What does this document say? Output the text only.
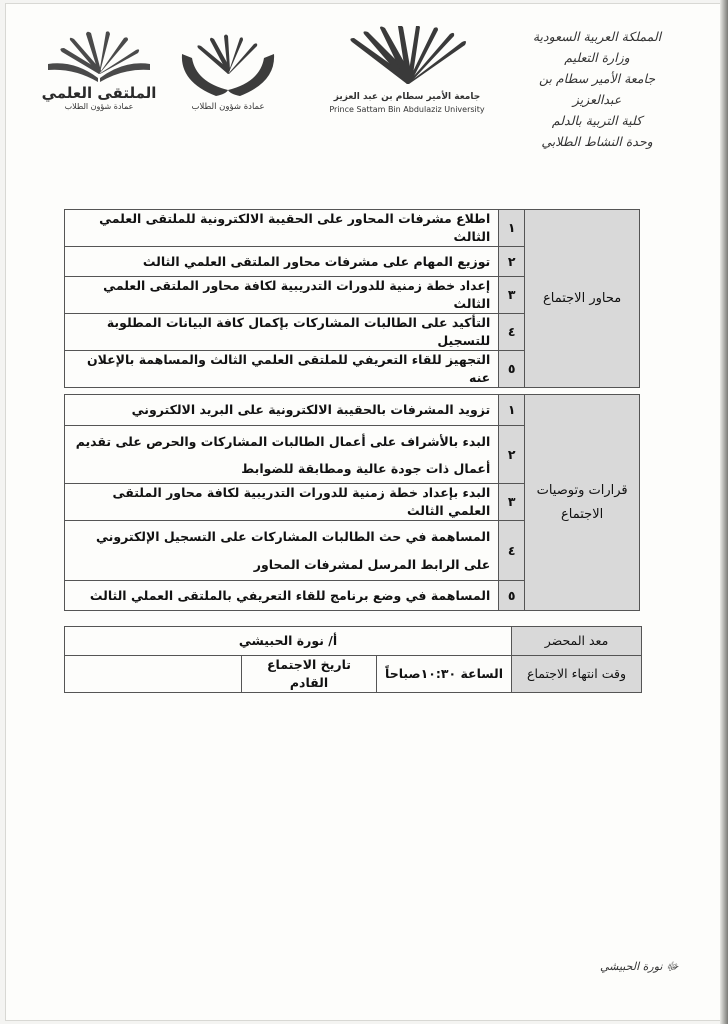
المملكة العربية السعودية
وزارة التعليم
جامعة الأمير سطام بن عبدالعزيز
كلية التربية بالدلم
وحدة النشاط الطلابي
جامعة الأمير سطام بن عبد العزيز
Prince Sattam Bin Abdulaziz University
عمادة شؤون الطلاب
الملتقى العلمي
عمادة شؤون الطلاب
محاور الاجتماع	١	اطلاع مشرفات المحاور على الحقيبة الالكترونية للملتقى العلمي الثالث
	٢	توزيع المهام على مشرفات محاور الملتقى العلمي الثالث
	٣	إعداد خطة زمنية للدورات التدريبية لكافة محاور الملتقى العلمي الثالث
	٤	التأكيد على الطالبات المشاركات بإكمال كافة البيانات المطلوبة للتسجيل
	٥	التجهيز للقاء التعريفي للملتقى العلمي الثالث والمساهمة بالإعلان عنه
قرارات وتوصيات الاجتماع	١	تزويد المشرفات بالحقيبة الالكترونية على البريد الالكتروني
	٢	البدء بالأشراف على أعمال الطالبات المشاركات والحرص على تقديم أعمال ذات جودة عالية ومطابقة للضوابط
	٣	البدء بإعداد خطة زمنية للدورات التدريبية لكافة محاور الملتقى العلمي الثالث
	٤	المساهمة في حث الطالبات المشاركات على التسجيل الإلكتروني على الرابط المرسل لمشرفات المحاور
	٥	المساهمة في وضع برنامج للقاء التعريفي بالملتقى العملي الثالث
معد المحضر	أ/ نورة الحبيشي		
وقت انتهاء الاجتماع	الساعة ١٠:٣٠صباحاً	تاريخ الاجتماع القادم	
ﷻ نورة الحبيشي
